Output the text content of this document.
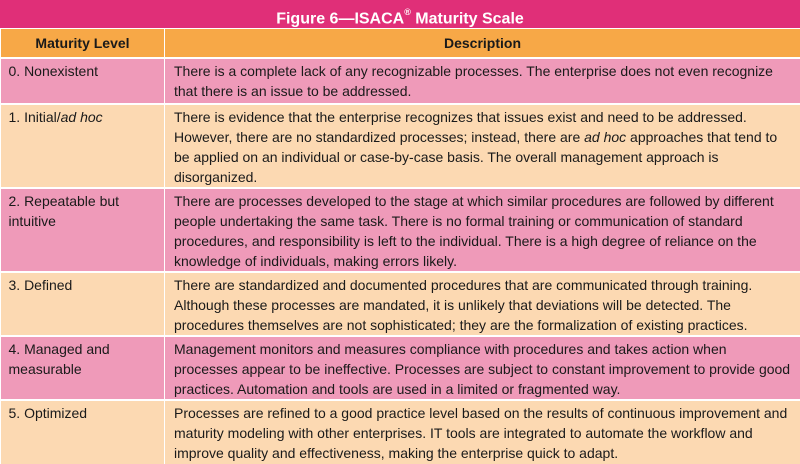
Figure 6—ISACA® Maturity Scale
Maturity Level	Description
0. Nonexistent	There is a complete lack of any recognizable processes. The enterprise does not even recognize that there is an issue to be addressed.
1. Initial/ad hoc	There is evidence that the enterprise recognizes that issues exist and need to be addressed. However, there are no standardized processes; instead, there are ad hoc approaches that tend to be applied on an individual or case-by-case basis. The overall management approach is disorganized.
2. Repeatable but intuitive	There are processes developed to the stage at which similar procedures are followed by different people undertaking the same task. There is no formal training or communication of standard procedures, and responsibility is left to the individual. There is a high degree of reliance on the knowledge of individuals, making errors likely.
3. Defined	There are standardized and documented procedures that are communicated through training. Although these processes are mandated, it is unlikely that deviations will be detected. The procedures themselves are not sophisticated; they are the formalization of existing practices.
4. Managed and measurable	Management monitors and measures compliance with procedures and takes action when processes appear to be ineffective. Processes are subject to constant improvement to provide good practices. Automation and tools are used in a limited or fragmented way.
5. Optimized	Processes are refined to a good practice level based on the results of continuous improvement and maturity modeling with other enterprises. IT tools are integrated to automate the workflow and improve quality and effectiveness, making the enterprise quick to adapt.
